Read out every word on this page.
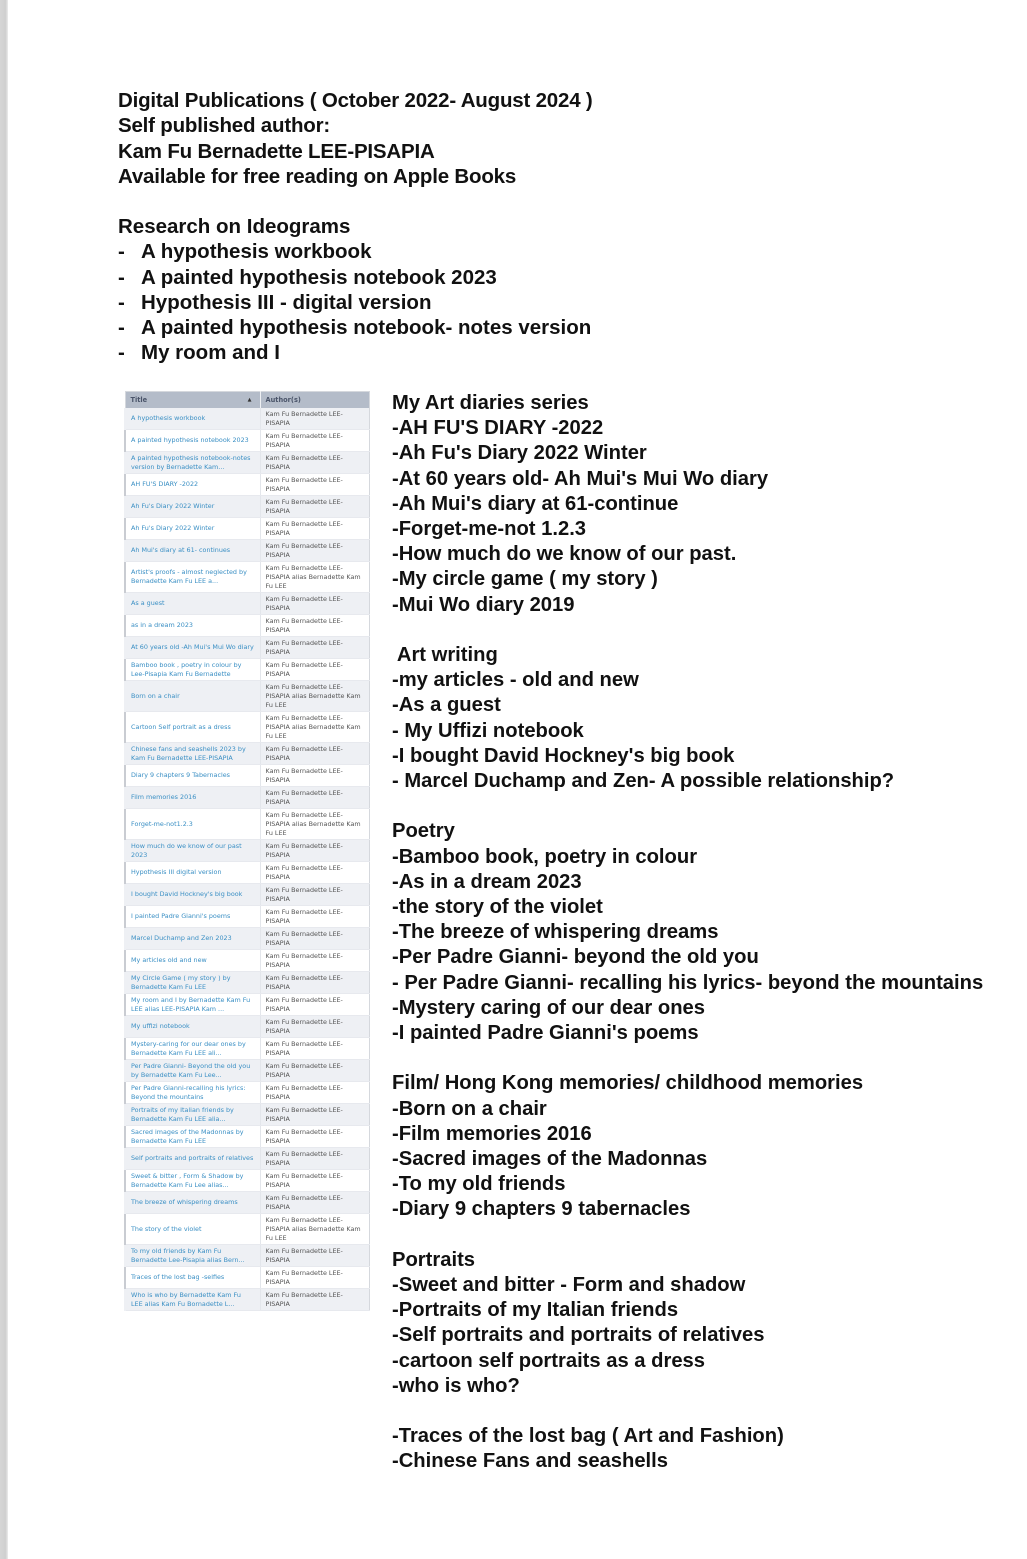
Digital Publications ( October 2022- August 2024 )
Self published author:
Kam Fu Bernadette LEE-PISAPIA
Available for free reading on Apple Books
Research on Ideograms
- A hypothesis workbook
- A painted hypothesis notebook 2023
- Hypothesis III - digital version
- A painted hypothesis notebook- notes version
- My room and I
Title ▲	Author(s)
A hypothesis workbook	Kam Fu Bernadette LEE-PISAPIA
A painted hypothesis notebook 2023	Kam Fu Bernadette LEE-PISAPIA
A painted hypothesis notebook-notes version by Bernadette Kam...	Kam Fu Bernadette LEE-PISAPIA
AH FU'S DIARY -2022	Kam Fu Bernadette LEE-PISAPIA
Ah Fu's Diary 2022 Winter	Kam Fu Bernadette LEE-PISAPIA
Ah Fu's Diary 2022 Winter	Kam Fu Bernadette LEE-PISAPIA
Ah Mui's diary at 61- continues	Kam Fu Bernadette LEE-PISAPIA
Artist's proofs - almost neglected by Bernadette Kam Fu LEE a...	Kam Fu Bernadette LEE-PISAPIA alias Bernadette Kam Fu LEE
As a guest	Kam Fu Bernadette LEE-PISAPIA
as in a dream 2023	Kam Fu Bernadette LEE-PISAPIA
At 60 years old -Ah Mui's Mui Wo diary	Kam Fu Bernadette LEE-PISAPIA
Bamboo book , poetry in colour by Lee-Pisapia Kam Fu Bernadette	Kam Fu Bernadette LEE-PISAPIA
Born on a chair	Kam Fu Bernadette LEE-PISAPIA alias Bernadette Kam Fu LEE
Cartoon Self portrait as a dress	Kam Fu Bernadette LEE-PISAPIA alias Bernadette Kam Fu LEE
Chinese fans and seashells 2023 by Kam Fu Bernadette LEE-PISAPIA	Kam Fu Bernadette LEE-PISAPIA
Diary 9 chapters 9 Tabernacles	Kam Fu Bernadette LEE-PISAPIA
Film memories 2016	Kam Fu Bernadette LEE-PISAPIA
Forget-me-not1.2.3	Kam Fu Bernadette LEE-PISAPIA alias Bernadette Kam Fu LEE
How much do we know of our past 2023	Kam Fu Bernadette LEE-PISAPIA
Hypothesis III digital version	Kam Fu Bernadette LEE-PISAPIA
I bought David Hockney's big book	Kam Fu Bernadette LEE-PISAPIA
I painted Padre Gianni's poems	Kam Fu Bernadette LEE-PISAPIA
Marcel Duchamp and Zen 2023	Kam Fu Bernadette LEE-PISAPIA
My articles old and new	Kam Fu Bernadette LEE-PISAPIA
My Circle Game ( my story ) by Bernadette Kam Fu LEE	Kam Fu Bernadette LEE-PISAPIA
My room and I by Bernadette Kam Fu LEE alias LEE-PISAPIA Kam ...	Kam Fu Bernadette LEE-PISAPIA
My uffizi notebook	Kam Fu Bernadette LEE-PISAPIA
Mystery-caring for our dear ones by Bernadette Kam Fu LEE ali...	Kam Fu Bernadette LEE-PISAPIA
Per Padre Gianni- Beyond the old you by Bernadette Kam Fu Lee...	Kam Fu Bernadette LEE-PISAPIA
Per Padre Gianni-recalling his lyrics: Beyond the mountains	Kam Fu Bernadette LEE-PISAPIA
Portraits of my Italian friends by Bernadette Kam Fu LEE alia...	Kam Fu Bernadette LEE-PISAPIA
Sacred images of the Madonnas by Bernadette Kam Fu LEE	Kam Fu Bernadette LEE-PISAPIA
Self portraits and portraits of relatives	Kam Fu Bernadette LEE-PISAPIA
Sweet & bitter , Form & Shadow by Bernadette Kam Fu Lee alias...	Kam Fu Bernadette LEE-PISAPIA
The breeze of whispering dreams	Kam Fu Bernadette LEE-PISAPIA
The story of the violet	Kam Fu Bernadette LEE-PISAPIA alias Bernadette Kam Fu LEE
To my old friends by Kam Fu Bernadette Lee-Pisapia alias Bern...	Kam Fu Bernadette LEE-PISAPIA
Traces of the lost bag -selfies	Kam Fu Bernadette LEE-PISAPIA
Who is who by Bernadette Kam Fu LEE alias Kam Fu Bornadette L...	Kam Fu Bernadette LEE-PISAPIA
My Art diaries series
-AH FU'S DIARY -2022
-Ah Fu's Diary 2022 Winter
-At 60 years old- Ah Mui's Mui Wo diary
-Ah Mui's diary at 61-continue
-Forget-me-not 1.2.3
-How much do we know of our past.
-My circle game ( my story )
-Mui Wo diary 2019
Art writing
-my articles - old and new
-As a guest
- My Uffizi notebook
-I bought David Hockney's big book
- Marcel Duchamp and Zen- A possible relationship?
Poetry
-Bamboo book, poetry in colour
-As in a dream 2023
-the story of the violet
-The breeze of whispering dreams
-Per Padre Gianni- beyond the old you
- Per Padre Gianni- recalling his lyrics- beyond the mountains
-Mystery caring of our dear ones
-I painted Padre Gianni's poems
Film/ Hong Kong memories/ childhood memories
-Born on a chair
-Film memories 2016
-Sacred images of the Madonnas
-To my old friends
-Diary 9 chapters 9 tabernacles
Portraits
-Sweet and bitter - Form and shadow
-Portraits of my Italian friends
-Self portraits and portraits of relatives
-cartoon self portraits as a dress
-who is who?
-Traces of the lost bag ( Art and Fashion)
-Chinese Fans and seashells
